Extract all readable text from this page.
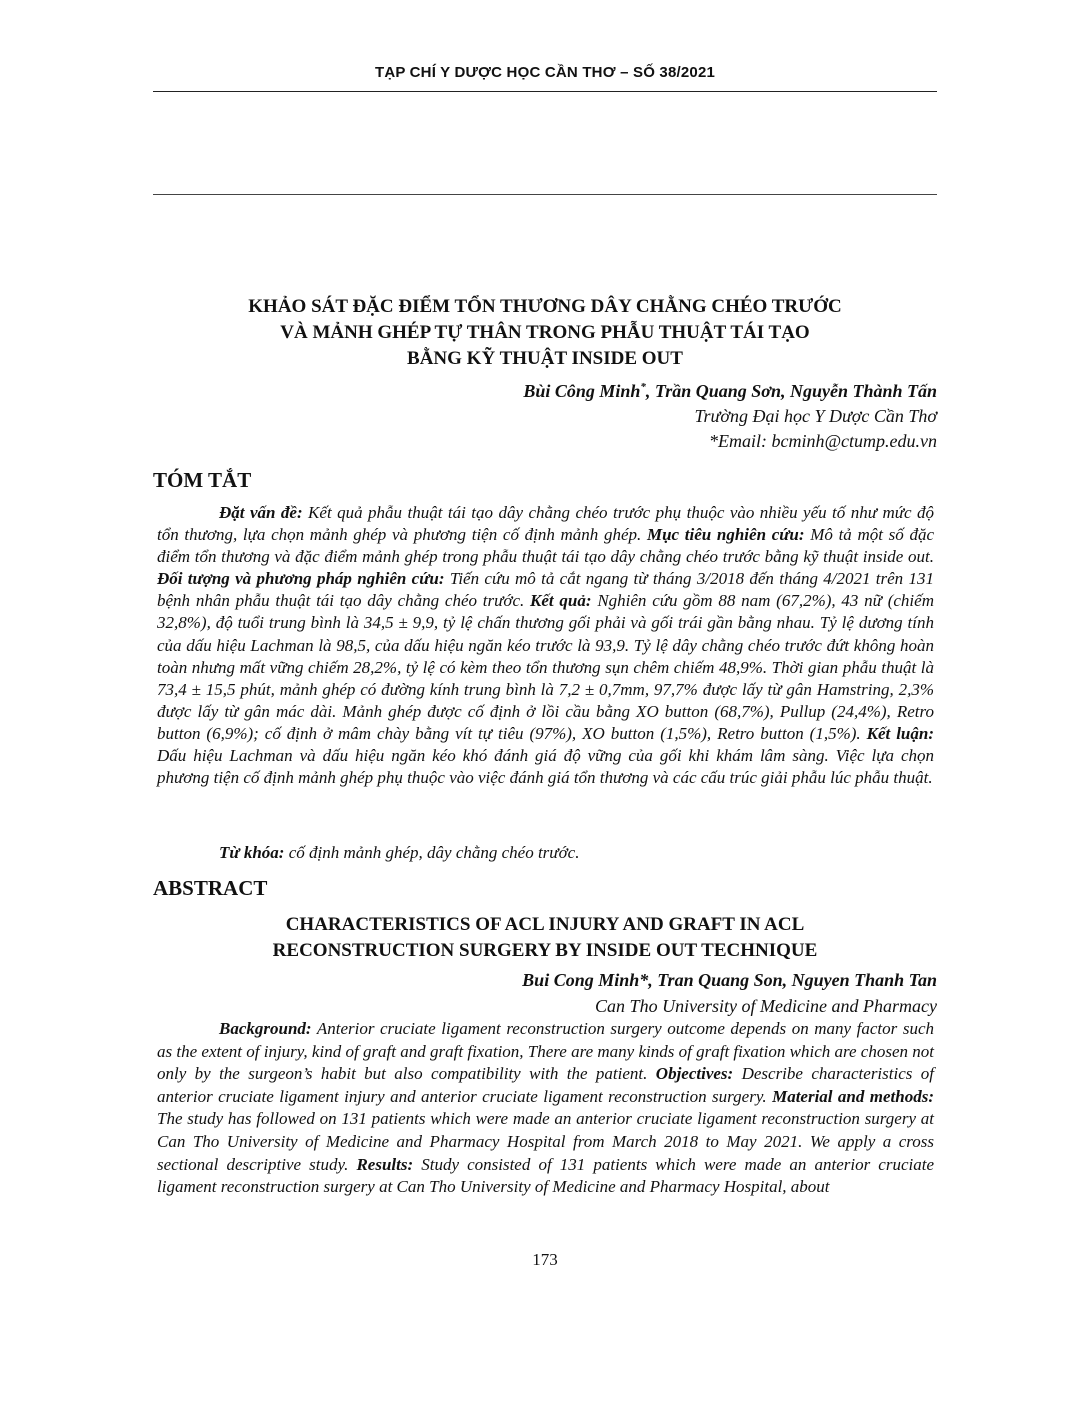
TẠP CHÍ Y DƯỢC HỌC CẦN THƠ – SỐ 38/2021
KHẢO SÁT ĐẶC ĐIỂM TỔN THƯƠNG DÂY CHẰNG CHÉO TRƯỚC
VÀ MẢNH GHÉP TỰ THÂN TRONG PHẪU THUẬT TÁI TẠO
BẰNG KỸ THUẬT INSIDE OUT
Bùi Công Minh*, Trần Quang Sơn, Nguyễn Thành Tấn
Trường Đại học Y Dược Cần Thơ
*Email: bcminh@ctump.edu.vn
TÓM TẮT

Đặt vấn đề: Kết quả phẫu thuật tái tạo dây chằng chéo trước phụ thuộc vào nhiều yếu tố như mức độ tổn thương, lựa chọn mảnh ghép và phương tiện cố định mảnh ghép. Mục tiêu nghiên cứu: Mô tả một số đặc điểm tổn thương và đặc điểm mảnh ghép trong phẫu thuật tái tạo dây chằng chéo trước bằng kỹ thuật inside out. Đối tượng và phương pháp nghiên cứu: Tiến cứu mô tả cắt ngang từ tháng 3/2018 đến tháng 4/2021 trên 131 bệnh nhân phẫu thuật tái tạo dây chằng chéo trước. Kết quả: Nghiên cứu gồm 88 nam (67,2%), 43 nữ (chiếm 32,8%), độ tuổi trung bình là 34,5 ± 9,9, tỷ lệ chấn thương gối phải và gối trái gần bằng nhau. Tỷ lệ dương tính của dấu hiệu Lachman là 98,5, của dấu hiệu ngăn kéo trước là 93,9. Tỷ lệ dây chằng chéo trước đứt không hoàn toàn nhưng mất vững chiếm 28,2%, tỷ lệ có kèm theo tổn thương sụn chêm chiếm 48,9%. Thời gian phẫu thuật là 73,4 ± 15,5 phút, mảnh ghép có đường kính trung bình là 7,2 ± 0,7mm, 97,7% được lấy từ gân Hamstring, 2,3% được lấy từ gân mác dài. Mảnh ghép được cố định ở lồi cầu bằng XO button (68,7%), Pullup (24,4%), Retro button (6,9%); cố định ở mâm chày bằng vít tự tiêu (97%), XO button (1,5%), Retro button (1,5%). Kết luận: Dấu hiệu Lachman và dấu hiệu ngăn kéo khó đánh giá độ vững của gối khi khám lâm sàng. Việc lựa chọn phương tiện cố định mảnh ghép phụ thuộc vào việc đánh giá tổn thương và các cấu trúc giải phẫu lúc phẫu thuật.

Từ khóa: cố định mảnh ghép, dây chằng chéo trước.
ABSTRACT
CHARACTERISTICS OF ACL INJURY AND GRAFT IN ACL
RECONSTRUCTION SURGERY BY INSIDE OUT TECHNIQUE
Bui Cong Minh*, Tran Quang Son, Nguyen Thanh Tan
Can Tho University of Medicine and Pharmacy

Background: Anterior cruciate ligament reconstruction surgery outcome depends on many factor such as the extent of injury, kind of graft and graft fixation, There are many kinds of graft fixation which are chosen not only by the surgeon’s habit but also compatibility with the patient. Objectives: Describe characteristics of anterior cruciate ligament injury and anterior cruciate ligament reconstruction surgery. Material and methods: The study has followed on 131 patients which were made an anterior cruciate ligament reconstruction surgery at Can Tho University of Medicine and Pharmacy Hospital from March 2018 to May 2021. We apply a cross sectional descriptive study. Results: Study consisted of 131 patients which were made an anterior cruciate ligament reconstruction surgery at Can Tho University of Medicine and Pharmacy Hospital, about

173
